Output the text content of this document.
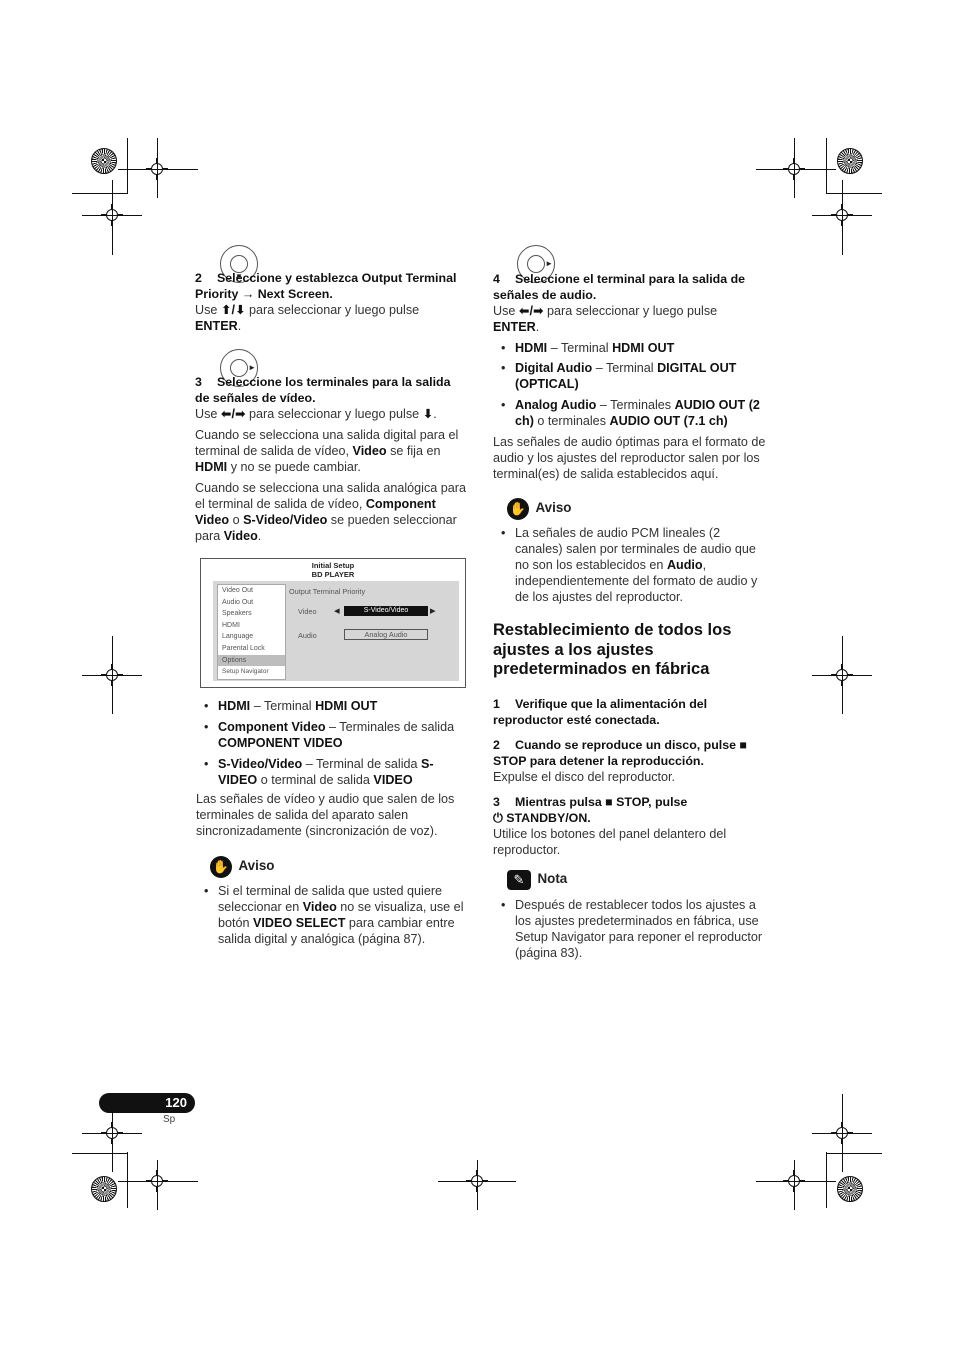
▼

2 Seleccione y establezca Output Terminal Priority → Next Screen.

Use ⬆/⬇ para seleccionar y luego pulse
ENTER.

►

3 Seleccione los terminales para la salida de señales de vídeo.

Use ⬅/➡ para seleccionar y luego pulse ⬇.

Cuando se selecciona una salida digital para el terminal de salida de vídeo, Video se fija en HDMI y no se puede cambiar.

Cuando se selecciona una salida analógica para el terminal de salida de vídeo, Component Video o S-Video/Video se pueden seleccionar para Video.

Initial Setup
BD PLAYER
Video Out
Audio Out
Speakers
HDMI
Language
Parental Lock
Options
Setup Navigator
Output Terminal Priority
Video ◀	S-Video/Video	▶
Audio	Analog Audio

• HDMI – Terminal HDMI OUT

• Component Video – Terminales de salida COMPONENT VIDEO

• S-Video/Video – Terminal de salida S-VIDEO o terminal de salida VIDEO

Las señales de vídeo y audio que salen de los terminales de salida del aparato salen sincronizadamente (sincronización de voz).

✋ Aviso

• Si el terminal de salida que usted quiere seleccionar en Video no se visualiza, use el botón VIDEO SELECT para cambiar entre salida digital y analógica (página 87).

►

4 Seleccione el terminal para la salida de señales de audio.

Use ⬅/➡ para seleccionar y luego pulse
ENTER.

• HDMI – Terminal HDMI OUT

• Digital Audio – Terminal DIGITAL OUT (OPTICAL)

• Analog Audio – Terminales AUDIO OUT (2 ch) o terminales AUDIO OUT (7.1 ch)

Las señales de audio óptimas para el formato de audio y los ajustes del reproductor salen por los terminal(es) de salida establecidos aquí.

✋ Aviso

• La señales de audio PCM lineales (2 canales) salen por terminales de audio que no son los establecidos en Audio, independientemente del formato de audio y de los ajustes del reproductor.

Restablecimiento de todos los ajustes a los ajustes predeterminados en fábrica

1 Verifique que la alimentación del reproductor esté conectada.

2 Cuando se reproduce un disco, pulse ■ STOP para detener la reproducción.

Expulse el disco del reproductor.

3 Mientras pulsa ■ STOP, pulse
⏻ STANDBY/ON.

Utilice los botones del panel delantero del reproductor.

✎ Nota

• Después de restablecer todos los ajustes a los ajustes predeterminados en fábrica, use Setup Navigator para reponer el reproductor (página 83).

120
Sp
